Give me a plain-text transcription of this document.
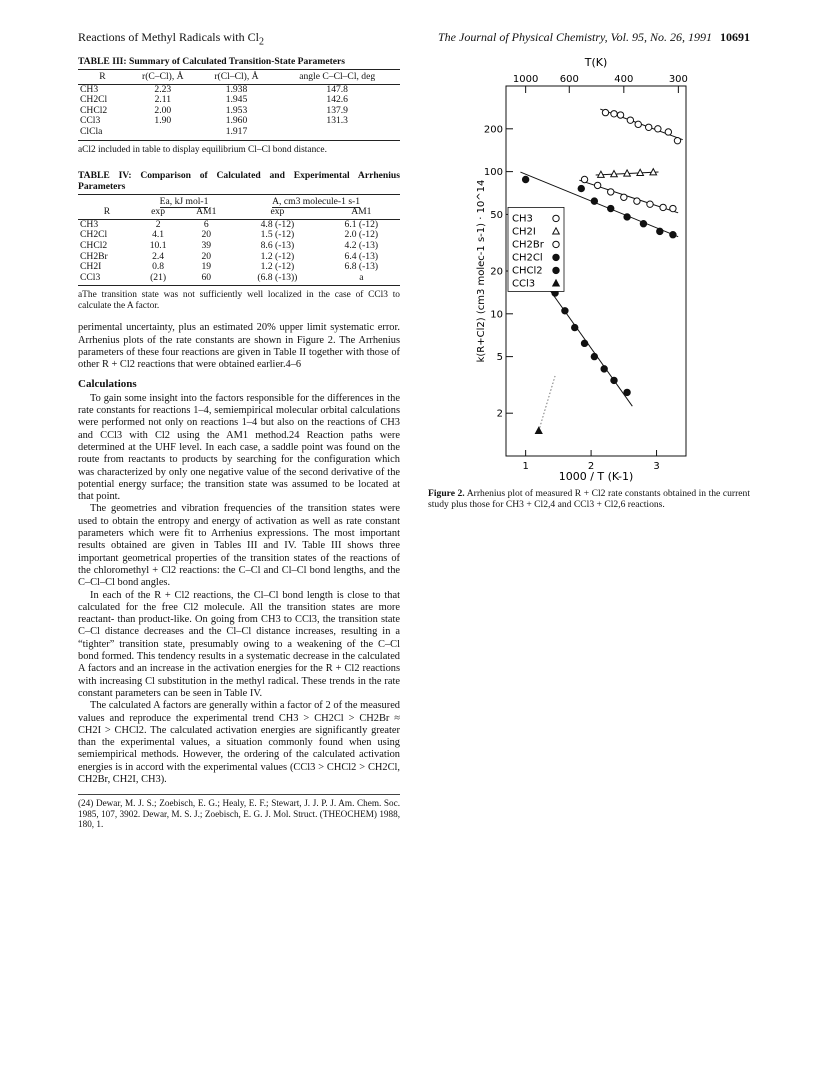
Reactions of Methyl Radicals with $Cl_2$	The Journal of Physical Chemistry, Vol. 95, No. 26, 1991 10691

TABLE III: Summary of Calculated Transition-State Parameters

R	r(C–Cl), Å	r(Cl–Cl), Å	angle C–Cl–Cl, deg
CH3	2.23	1.938	147.8
CH2Cl	2.11	1.945	142.6
CHCl2	2.00	1.953	137.9
CCl3	1.90	1.960	131.3
ClCla		1.917	

aCl2 included in table to display equilibrium Cl–Cl bond distance.

TABLE IV: Comparison of Calculated and Experimental Arrhenius Parameters

	Ea, kJ mol-1		A, cm3 molecule-1 s-1	
R	exp	AM1	exp	AM1
CH3	2	6	4.8 (-12)	6.1 (-12)
CH2Cl	4.1	20	1.5 (-12)	2.0 (-12)
CHCl2	10.1	39	8.6 (-13)	4.2 (-13)
CH2Br	2.4	20	1.2 (-12)	6.4 (-13)
CH2I	0.8	19	1.2 (-12)	6.8 (-13)
CCl3	(21)	60	(6.8 (-13))	a

aThe transition state was not sufficiently well localized in the case of CCl3 to calculate the A factor.

perimental uncertainty, plus an estimated 20% upper limit systematic error. Arrhenius plots of the rate constants are shown in Figure 2. The Arrhenius parameters of these four reactions are given in Table II together with those of other R + Cl2 reactions that were obtained earlier.4–6

Calculations

To gain some insight into the factors responsible for the differences in the rate constants for reactions 1–4, semiempirical molecular orbital calculations were performed not only on reactions 1–4 but also on the reactions of CH3 and CCl3 with Cl2 using the AM1 method.24 Reaction paths were determined at the UHF level. In each case, a saddle point was found on the route from reactants to products by searching for the configuration which was characterized by only one negative value of the second derivative of the potential energy surface; the transition state was assumed to be located at that point.

The geometries and vibration frequencies of the transition states were used to obtain the entropy and energy of activation as well as rate constant parameters which were fit to Arrhenius expressions. The most important results obtained are given in Tables III and IV. Table III shows three important geometrical properties of the transition states of the reactions of the chloromethyl + Cl2 reactions: the C–Cl and Cl–Cl bond lengths, and the C–Cl–Cl bond angles.

In each of the R + Cl2 reactions, the Cl–Cl bond length is close to that calculated for the free Cl2 molecule. All the transition states are more reactant- than product-like. On going from CH3 to CCl3, the transition state C–Cl distance decreases and the Cl–Cl distance increases, resulting in a “tighter” transition state, presumably owing to a weakening of the C–Cl bond formed. This tendency results in a systematic decrease in the calculated A factors and an increase in the activation energies for the R + Cl2 reactions with increasing Cl substitution in the methyl radical. These trends in the rate constant parameters can be seen in Table IV.

The calculated A factors are generally within a factor of 2 of the measured values and reproduce the experimental trend CH3 > CH2Cl > CH2Br ≈ CH2I > CHCl2. The calculated activation energies are significantly greater than the experimental values, a situation commonly found when using semiempirical methods. However, the ordering of the calculated activation energies is in accord with the experimental values (CCl3 > CHCl2 > CH2Cl, CH2Br, CH2I, CH3).

(24) Dewar, M. J. S.; Zoebisch, E. G.; Healy, E. F.; Stewart, J. J. P. J. Am. Chem. Soc. 1985, 107, 3902. Dewar, M. S. J.; Zoebisch, E. G. J. Mol. Struct. (THEOCHEM) 1988, 180, 1.

1	2	3
2
5
10
20
50
100
200
1000 600	400	300
CH3
CH2I
CH2Br
CH2Cl
CHCl2
CCl3
T(K)
1000 / T (K-1)
k(R+Cl2) (cm3 molec-1 s-1) · 10^14

Figure 2. Arrhenius plot of measured R + Cl2 rate constants obtained in the current study plus those for CH3 + Cl2,4 and CCl3 + Cl2,6 reactions.
